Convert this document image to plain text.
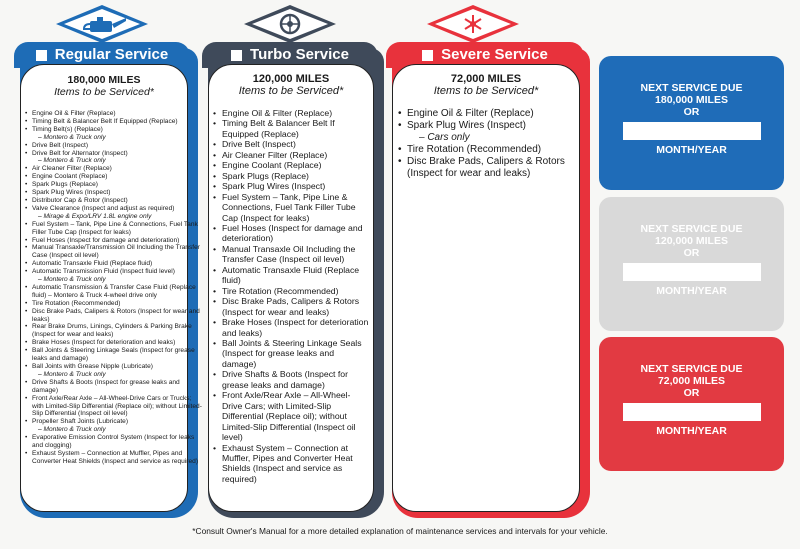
Regular Service
180,000 MILES
Items to be Serviced*
• Engine Oil & Filter (Replace)
• Timing Belt & Balancer Belt If Equipped (Replace)
• Timing Belt(s) (Replace)
– Montero & Truck only
• Drive Belt (Inspect)
• Drive Belt for Alternator (Inspect)
– Montero & Truck only
• Air Cleaner Filter (Replace)
• Engine Coolant (Replace)
• Spark Plugs (Replace)
• Spark Plug Wires (Inspect)
• Distributor Cap & Rotor (Inspect)
• Valve Clearance (Inspect and adjust as required)
– Mirage & Expo/LRV 1.8L engine only
• Fuel System – Tank, Pipe Line & Connections, Fuel Tank Filler Tube Cap (Inspect for leaks)
• Fuel Hoses (Inspect for damage and deterioration)
• Manual Transaxle/Transmission Oil Including the Transfer Case (Inspect oil level)
• Automatic Transaxle Fluid (Replace fluid)
• Automatic Transmission Fluid (Inspect fluid level)
– Montero & Truck only
• Automatic Transmission & Transfer Case Fluid (Replace fluid) – Montero & Truck 4-wheel drive only
• Tire Rotation (Recommended)
• Disc Brake Pads, Calipers & Rotors (Inspect for wear and leaks)
• Rear Brake Drums, Linings, Cylinders & Parking Brake (Inspect for wear and leaks)
• Brake Hoses (Inspect for deterioration and leaks)
• Ball Joints & Steering Linkage Seals (Inspect for grease leaks and damage)
• Ball Joints with Grease Nipple (Lubricate)
– Montero & Truck only
• Drive Shafts & Boots (Inspect for grease leaks and damage)
• Front Axle/Rear Axle – All-Wheel-Drive Cars or Trucks; with Limited-Slip Differential (Replace oil); without Limited-Slip Differential (Inspect oil level)
• Propeller Shaft Joints (Lubricate)
– Montero & Truck only
• Evaporative Emission Control System (Inspect for leaks and clogging)
• Exhaust System – Connection at Muffler, Pipes and Converter Heat Shields (Inspect and service as required)
Turbo Service
120,000 MILES
Items to be Serviced*
• Engine Oil & Filter (Replace)
• Timing Belt & Balancer Belt If Equipped (Replace)
• Drive Belt (Inspect)
• Air Cleaner Filter (Replace)
• Engine Coolant (Replace)
• Spark Plugs (Replace)
• Spark Plug Wires (Inspect)
• Fuel System – Tank, Pipe Line & Connections, Fuel Tank Filler Tube Cap (Inspect for leaks)
• Fuel Hoses (Inspect for damage and deterioration)
• Manual Transaxle Oil Including the Transfer Case (Inspect oil level)
• Automatic Transaxle Fluid (Replace fluid)
• Tire Rotation (Recommended)
• Disc Brake Pads, Calipers & Rotors (Inspect for wear and leaks)
• Brake Hoses (Inspect for deterioration and leaks)
• Ball Joints & Steering Linkage Seals (Inspect for grease leaks and damage)
• Drive Shafts & Boots (Inspect for grease leaks and damage)
• Front Axle/Rear Axle – All-Wheel-Drive Cars; with Limited-Slip Differential (Replace oil); without Limited-Slip Differential (Inspect oil level)
• Exhaust System – Connection at Muffler, Pipes and Converter Heat Shields (Inspect and service as required)
Severe Service
72,000 MILES
Items to be Serviced*
• Engine Oil & Filter (Replace)
• Spark Plug Wires (Inspect)
– Cars only
• Tire Rotation (Recommended)
• Disc Brake Pads, Calipers & Rotors (Inspect for wear and leaks)
NEXT SERVICE DUE
180,000 MILES
OR
MONTH/YEAR
NEXT SERVICE DUE
120,000 MILES
OR
MONTH/YEAR
NEXT SERVICE DUE
72,000 MILES
OR
MONTH/YEAR
*Consult Owner's Manual for a more detailed explanation of maintenance services and intervals for your vehicle.
